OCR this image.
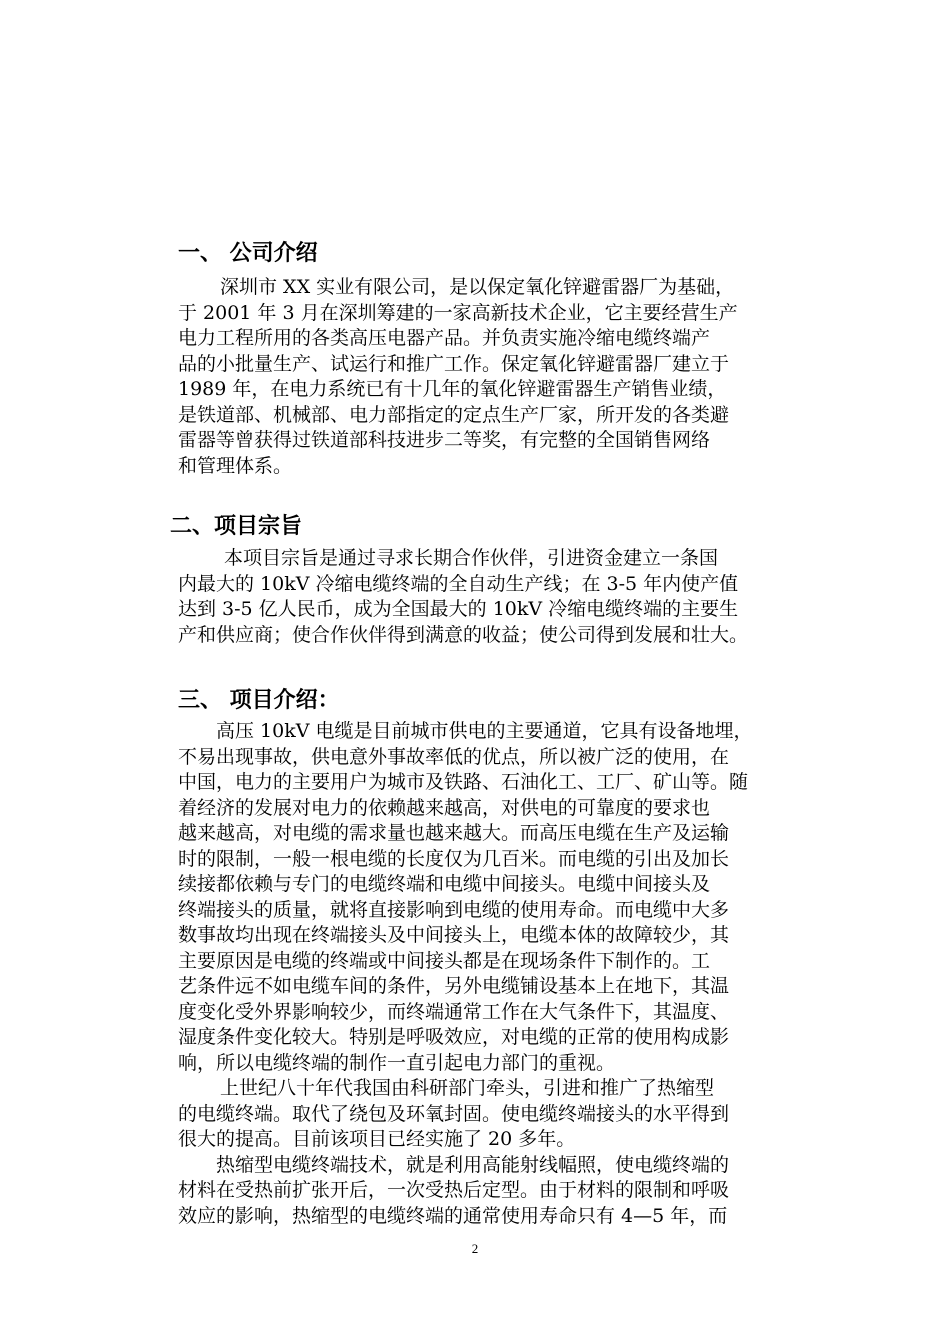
一、 公司介绍
深圳市 XX 实业有限公司，是以保定氧化锌避雷器厂为基础，
于 2001 年 3 月在深圳筹建的一家高新技术企业，它主要经营生产
电力工程所用的各类高压电器产品。并负责实施冷缩电缆终端产
品的小批量生产、试运行和推广工作。保定氧化锌避雷器厂建立于
1989 年，在电力系统已有十几年的氧化锌避雷器生产销售业绩，
是铁道部、机械部、电力部指定的定点生产厂家，所开发的各类避
雷器等曾获得过铁道部科技进步二等奖，有完整的全国销售网络
和管理体系。
二、项目宗旨
本项目宗旨是通过寻求长期合作伙伴，引进资金建立一条国
内最大的 10kV 冷缩电缆终端的全自动生产线；在 3-5 年内使产值
达到 3-5 亿人民币，成为全国最大的 10kV 冷缩电缆终端的主要生
产和供应商；使合作伙伴得到满意的收益；使公司得到发展和壮大。
三、 项目介绍：
高压 10kV 电缆是目前城市供电的主要通道，它具有设备地埋，
不易出现事故，供电意外事故率低的优点，所以被广泛的使用，在
中国，电力的主要用户为城市及铁路、石油化工、工厂、矿山等。随
着经济的发展对电力的依赖越来越高，对供电的可靠度的要求也
越来越高，对电缆的需求量也越来越大。而高压电缆在生产及运输
时的限制，一般一根电缆的长度仅为几百米。而电缆的引出及加长
续接都依赖与专门的电缆终端和电缆中间接头。电缆中间接头及
终端接头的质量，就将直接影响到电缆的使用寿命。而电缆中大多
数事故均出现在终端接头及中间接头上，电缆本体的故障较少，其
主要原因是电缆的终端或中间接头都是在现场条件下制作的。工
艺条件远不如电缆车间的条件，另外电缆铺设基本上在地下，其温
度变化受外界影响较少，而终端通常工作在大气条件下，其温度、
湿度条件变化较大。特别是呼吸效应，对电缆的正常的使用构成影
响，所以电缆终端的制作一直引起电力部门的重视。
上世纪八十年代我国由科研部门牵头，引进和推广了热缩型
的电缆终端。取代了绕包及环氧封固。使电缆终端接头的水平得到
很大的提高。目前该项目已经实施了 20 多年。
热缩型电缆终端技术，就是利用高能射线幅照，使电缆终端的
材料在受热前扩张开后，一次受热后定型。由于材料的限制和呼吸
效应的影响，热缩型的电缆终端的通常使用寿命只有 4—5 年，而
2
